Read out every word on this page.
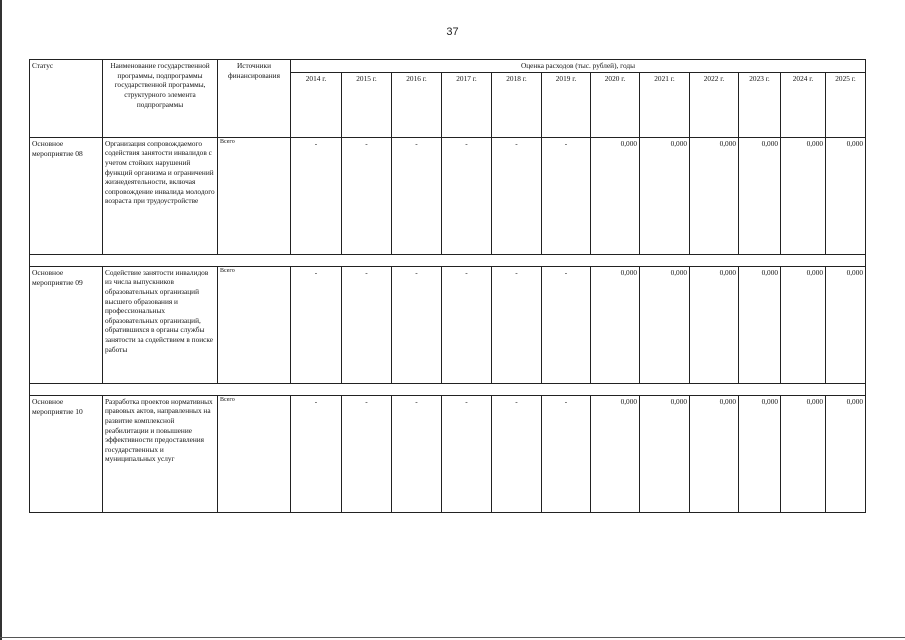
37
Статус	Наименование государственной программы, подпрограммы государственной программы, структурного элемента подпрограммы	Источники финансирования	Оценка расходов (тыс. рублей), годы											
			2014 г.	2015 г.	2016 г.	2017 г.	2018 г.	2019 г.	2020 г.	2021 г.	2022 г.	2023 г.	2024 г.	2025 г.
Основное мероприятие 08	Организация сопровождаемого содействия занятости инвалидов с учетом стойких нарушений функций организма и ограничений жизнедеятельности, включая сопровождение инвалида молодого возраста при трудоустройстве	Всего	-	-	-	-	-	-	0,000	0,000	0,000	0,000	0,000	0,000

Основное мероприятие 09	Содействие занятости инвалидов из числа выпускников образовательных организаций высшего образования и профессиональных образовательных организаций, обратившихся в органы службы занятости за содействием в поиске работы	Всего	-	-	-	-	-	-	0,000	0,000	0,000	0,000	0,000	0,000

Основное мероприятие 10	Разработка проектов нормативных правовых актов, направленных на развитие комплексной реабилитации и повышение эффективности предоставления государственных и муниципальных услуг	Всего	-	-	-	-	-	-	0,000	0,000	0,000	0,000	0,000	0,000
